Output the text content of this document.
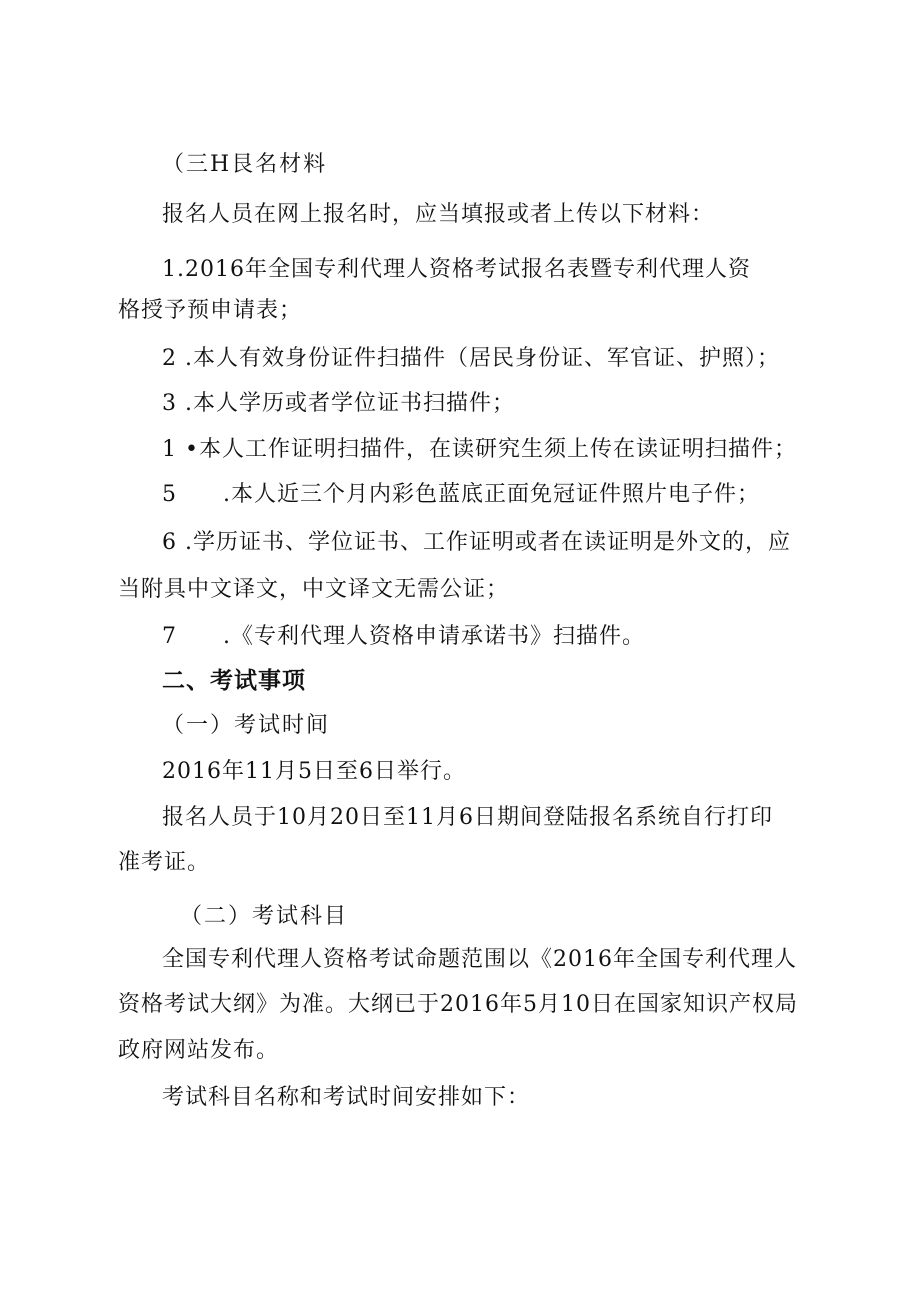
（三H艮名材料
报名人员在网上报名时，应当填报或者上传以下材料：
1.2016年全国专利代理人资格考试报名表暨专利代理人资
格授予预申请表；
2 .本人有效身份证件扫描件（居民身份证、军官证、护照）；
3 .本人学历或者学位证书扫描件；
1 •本人工作证明扫描件，在读研究生须上传在读证明扫描件；
5　　.本人近三个月内彩色蓝底正面免冠证件照片电子件；
6 .学历证书、学位证书、工作证明或者在读证明是外文的，应
当附具中文译文，中文译文无需公证；
7　　.《专利代理人资格申请承诺书》扫描件。
二、考试事项
（一）考试时间
2016年11月5日至6日举行。
报名人员于10月20日至11月6日期间登陆报名系统自行打印
准考证。
（二）考试科目
全国专利代理人资格考试命题范围以《2016年全国专利代理人
资格考试大纲》为准。大纲已于2016年5月10日在国家知识产权局
政府网站发布。
考试科目名称和考试时间安排如下：
